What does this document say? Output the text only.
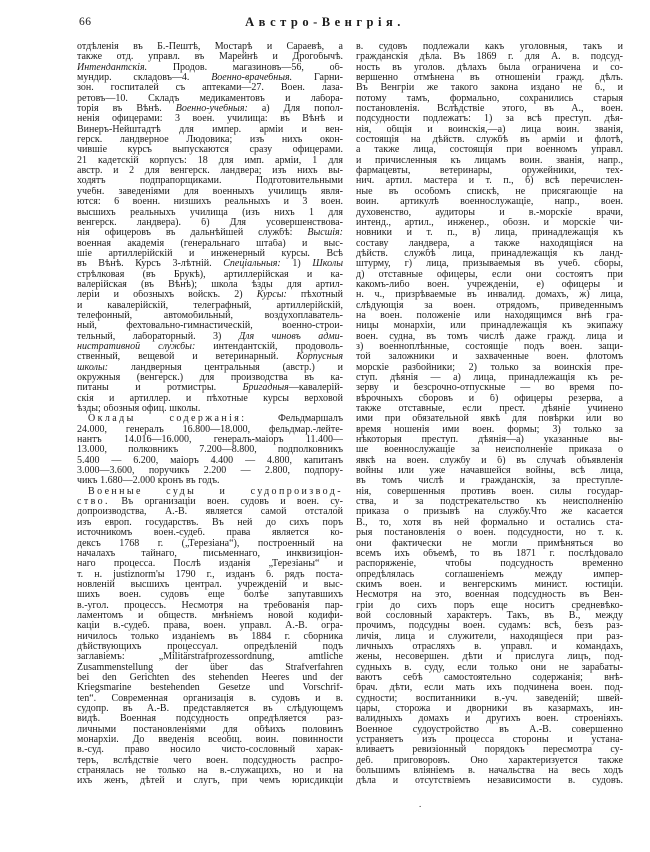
66	Австро-Венгрія.
отдѣленія въ Б.-Пештѣ, Мостарѣ и Сараевѣ, а
также отд. управл. въ Марейнѣ и Дрогобычѣ.
Интендантскія. Продов. магазиновъ—56, об-
мундир. складовъ—4. Военно-врачебныя. Гарни-
зон. госпиталей съ аптеками—27. Воен. лаза-
ретовъ—10. Складъ медикаментовъ и лабора-
торія въ Вѣнѣ. Военно-учебныя: а) Для попол-
ненія офицерами: 3 воен. училища: въ Вѣнѣ и
Винеръ-Нейштадтѣ для импер. арміи и вен-
герск. ландверное Людовика; изъ нихъ окон-
чившіе курсъ выпускаются сразу офицерами.
21 кадетскій корпусъ: 18 для имп. арміи, 1 для
австр. и 2 для венгерск. ландвера; изъ нихъ вы-
ходятъ подпрапорщиками. Подготовительными
учебн. заведеніями для военныхъ училищъ явля-
ются: 6 военн. низшихъ реальныхъ и 3 воен.
высшихъ реальныхъ училища (изъ нихъ 1 для
венгерск. ландвера). б) Для усовершенствова-
нія офицеровъ въ дальнѣйшей службѣ: Высшія:
военная академія (генеральнаго штаба) и выс-
шіе артиллерійскій и инженерный курсы. Всѣ
въ Вѣнѣ. Курсъ 3-лѣтній. Спеціальныя: 1) Школы
стрѣлковая (въ Брукѣ), артиллерійская и ка-
валерійская (въ Вѣнѣ); школа ѣзды для артил-
леріи и обозныхъ войскъ. 2) Курсы: пѣхотный
и кавалерійскій, телеграфный, артиллерійскій,
телефонный, автомобильный, воздухоплаватель-
ный, фехтовально-гимнастическій, военно-строи-
тельный, лабораторный. 3) Для чиновъ адми-
нистративной службы: интендантскій, продоволь-
ственный, вещевой и ветеринарный. Корпусныя
школы: ландверныя центральныя (австр.) и
окружныя (венгерск.) для производства въ ка-
питаны и ротмистры. Бригадныя—кавалерій-
скія и артиллер. и пѣхотные курсы верховой
ѣзды; обозныя офиц. школы.
Оклады содержанія: Фельдмаршалъ
24.000, генералъ 16.800—18.000, фельдмар.-лейте-
нантъ 14.016—16.000, генералъ-маіоръ 11.400—
13.000, полковникъ 7.200—8.800, подполковникъ
5.400 — 6.200, маіоръ 4.400 — 4.800, капитанъ
3.000—3.600, поручикъ 2.200 — 2.800, подпору-
чикъ 1.680—2.000 кронъ въ годъ.
Военные суды и судопроизвод-
ство. Въ организаціи воен. судовъ и воен. су-
допроизводства, А.-В. является самой отсталой
изъ европ. государствъ. Въ ней до сихъ поръ
источникомъ воен.-судеб. права является ко-
дексъ 1768 г. („Терезіана“), построенный на
началахъ тайнаго, письменнаго, инквизиціон-
наго процесса. Послѣ изданія „Терезіаны“ и
т. н. justiznorm'ы 1790 г., изданъ б. рядъ поста-
новленій высшихъ централ. учрежденій и выс-
шихъ воен. судовъ еще болѣе запутавшихъ
в.-угол. процессъ. Несмотря на требованія пар-
ламентомъ и обществ. мнѣніемъ новой кодифи-
каціи в.-судеб. права, воен. управл. А.-В. огра-
ничилось только изданіемъ въ 1884 г. сборника
дѣйствующихъ процессуал. опредѣленій подъ
заглавіемъ: „Militärstrafprozessordnung, amtliche
Zusammenstellung der über das Strafverfahren
bei den Gerichten des stehenden Heeres und der
Kriegsmarine bestehenden Gesetze und Vorschrif-
ten“. Современная организація в. судовъ и в.
судопр. въ А.-В. представляется въ слѣдующемъ
видѣ. Военная подсудность опредѣляется раз-
личными постановленіями для обѣихъ половинъ
монархіи. До введенія всеобщ. воин. повинности
в.-суд. право носило чисто-сословный харак-
теръ, вслѣдствіе чего воен. подсудность распро-
странялась не только на в.-служащихъ, но и на
ихъ женъ, дѣтей и слугъ, при чемъ юрисдикціи
в. судовъ подлежали какъ уголовныя, такъ и
гражданскія дѣла. Въ 1869 г. для А. в. подсуд-
ность въ уголов. дѣлахъ была ограничена и со-
вершенно отмѣнена въ отношеніи гражд. дѣлъ.
Въ Венгріи же такого закона издано не б., и
потому тамъ, формально, сохранились старыя
постановленія. Вслѣдствіе этого, въ А., воен.
подсудности подлежатъ: 1) за всѣ преступ. дѣя-
нія, общія и воинскія,—а) лица воин. званія,
состоящія на дѣйств. службѣ въ арміи и флотѣ,
а также лица, состоящія при военномъ управл.
и причисленныя къ лицамъ воин. званія, напр.,
фармацевты, ветеринары, оружейники, тех-
нич. артил. мастера и т. п., б) всѣ перечислен-
ные въ особомъ спискѣ, не присягающіе на
воин. артикулѣ военнослужащіе, напр., воен.
духовенство, аудиторы и в.-морскіе врачи,
интенд., артил., инженер., обозн. и морскіе чи-
новники и т. п., в) лица, принадлежащія къ
составу ландвера, а также находящіяся на
дѣйств. службѣ лица, принадлежащія къ ланд-
штурму, г) лица, призываемыя въ учеб. сборы,
д) отставные офицеры, если они состоятъ при
какомъ-либо воен. учрежденіи, е) офицеры и
н. ч., призрѣваемые въ инвалид. домахъ, ж) лица,
слѣдующія за воен. отрядомъ, приведеннымъ
на воен. положеніе или находящимся внѣ гра-
ницы монархіи, или принадлежащія къ экипажу
воен. судна, въ томъ числѣ даже гражд. лица и
з) военноплѣнные, состоящіе подъ воен. защи-
той заложники и захваченные воен. флотомъ
морскіе разбойники; 2) только за воинскія пре-
ступ. дѣянія — а) лица, принадлежащія къ ре-
зерву и безсрочно-отпускные — во время по-
вѣрочныхъ сборовъ и б) офицеры резерва, а
также отставные, если прест. дѣяніе учинено
ими при обязательной явкѣ для повѣрки или во
время ношенія ими воен. формы; 3) только за
нѣкоторыя преступ. дѣянія—а) указанные вы-
ше военнослужащіе за неисполненіе приказа о
явкѣ на воен. службу и б) въ случаѣ объявленія
войны или уже начавшейся войны, всѣ лица,
въ томъ числѣ и гражданскія, за преступле-
нія, совершенныя противъ воен. силы государ-
ства, и за подстрекательство къ неисполненію
приказа о призывѣ на службу.Что же касается
В., то, хотя въ ней формально и остались ста-
рыя постановленія о воен. подсудности, но т. к.
они фактически не могли примѣняться во
всемъ ихъ объемѣ, то въ 1871 г. послѣдовало
распоряженіе, чтобы подсудность временно
опредѣлялась соглашеніемъ между импер-
скимъ воен. и венгерскимъ минист. юстиціи.
Несмотря на это, военная подсудность въ Вен-
гріи до сихъ поръ еще носитъ средневѣко-
вой сословный характеръ. Такъ, въ В., между
прочимъ, подсудны воен. судамъ: всѣ, безъ раз-
личія, лица и служители, находящіеся при раз-
личныхъ отрасляхъ в. управл. и командахъ,
жены, несовершен. дѣти и прислуга лицъ, под-
судныхъ в. суду, если только они не зарабаты-
ваютъ себѣ самостоятельно содержанія; внѣ-
брач. дѣти, если мать ихъ подчинена воен. под-
судности; воспитанники в.-уч. заведеній; швей-
цары, сторожа и дворники въ казармахъ, ин-
валидныхъ домахъ и другихъ воен. строеніяхъ.
Военное судоустройство въ А.-В. совершенно
устраняетъ изъ процесса стороны и устана-
вливаетъ ревизіонный порядокъ пересмотра су-
деб. приговоровъ. Оно характеризуется также
большимъ вліяніемъ в. начальства на весь ходъ
дѣла и отсутствіемъ независимости в. судовъ.
.
